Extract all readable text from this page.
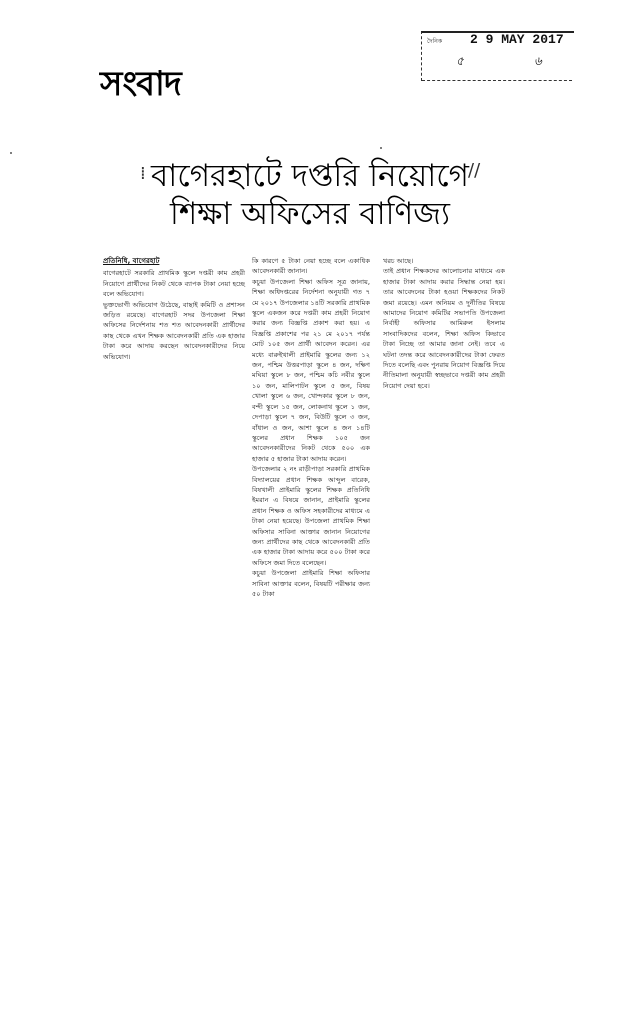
সংবাদ
দৈনিক 2 9 MAY 2017
৫	৬
⁞	//
বাগেরহাটে দপ্তরি নিয়োগে
শিক্ষা অফিসের বাণিজ্য

প্রতিনিধি, বাগেরহাট

বাগেরহাটে সরকারি প্রাথমিক স্কুলে দপ্তরী কাম প্রহরী নিয়োগে প্রার্থীদের নিকট থেকে ব্যাপক টাকা নেয়া হচ্ছে বলে অভিযোগ।

ভুক্তভোগী অভিযোগ উঠেছে, বাছাই কমিটি ও প্রশাসন জড়িত রয়েছে। বাগেরহাট সদর উপজেলা শিক্ষা অফিসের নির্দেশনায় শত শত আবেদনকারী প্রার্থীদের কাছ থেকে এখন শিক্ষক আবেদনকারী প্রতি এক হাজার টাকা করে আদায় করছেন আবেদনকারীদের নিয়ে অভিযোগ।

কি কারণে ৫ টাকা নেয়া হচ্ছে বলে একাধিক আবেদনকারী জানান।

কচুয়া উপজেলা শিক্ষা অফিস সূত্র জানায়, শিক্ষা অধিদপ্তরের নির্দেশনা অনুযায়ী গত ৭ মে ২০১৭ উপজেলার ১৪টি সরকারি প্রাথমিক স্কুলে একজন করে দপ্তরী কাম প্রহরী নিয়োগ করার জন্য বিজ্ঞপ্তি প্রকাশ করা হয়। এ বিজ্ঞপ্তি প্রকাশের পর ২১ মে ২০১৭ পর্যন্ত মোট ১০৫ জন প্রার্থী আবেদন করেন। এর মধ্যে বারুইখালী প্রাইমারি স্কুলের জন্য ১২ জন, পশ্চিম উত্তরপাড়া স্কুলে ৪ জন, দক্ষিণ মঘিয়া স্কুলে ৮ জন, পশ্চিম কচি নবীর স্কুলে ১০ জন, মালিপাটন স্কুলে ৫ জন, বিষয় খোলা স্কুলে ৬ জন, খোন্দকার স্কুলে ৮ জন, বন্দী স্কুলে ১৫ জন, লোকনাথ স্কুলে ১ জন, দেপাড়া স্কুলে ৭ জন, বিউটি স্কুলে ৩ জন, বাঁধাল ও জন, আশা স্কুলে ৪ জন ১৪টি স্কুলের প্রধান শিক্ষক ১০৫ জন আবেদনকারীদের নিকট থেকে ৫০০ এক হাজার ৫ হাজার টাকা আদায় করেন।

উপজেলার ২ নং রাড়ীপাড়া সরকারি প্রাথমিক বিদ্যালয়ের প্রধান শিক্ষক আব্দুল বারেক, বিষখালী প্রাইমারি স্কুলের শিক্ষক প্রতিনিধি ইমরান এ বিষয়ে জানান, প্রাইমারি স্কুলের প্রধান শিক্ষক ও অফিস সহকারীদের মাধ্যমে এ টাকা নেয়া হয়েছে। উপজেলা প্রাথমিক শিক্ষা অফিসার সাবিনা আক্তার জানান নিয়োগের জন্য প্রার্থীদের কাছ থেকে আবেদনকারী প্রতি এক হাজার টাকা আদায় করে ৫০০ টাকা করে অফিসে জমা দিতে বলেছেন।

কচুয়া উপজেলা প্রাইমারি শিক্ষা অফিসার সাবিনা আক্তার বলেন, বিষয়টি পরীক্ষার জন্য ৫০ টাকা

খরচ আছে।

তাই প্রধান শিক্ষকদের আলোচনার মাধ্যমে এক হাজার টাকা আদায় করার সিদ্ধান্ত নেয়া হয়। তার আবেদনের টাকা হওয়া শিক্ষকদের নিকট জমা রয়েছে। এমন অনিয়ম ও দুর্নীতির বিষয়ে আমাদের নিয়োগ কমিটির সভাপতি উপজেলা নির্বাহী অফিসার আমিরুল ইসলাম সাংবাদিকদের বলেন, শিক্ষা অফিস কিভাবে টাকা নিচ্ছে তা আমার জানা নেই। তবে এ ঘটনা তদন্ত করে আবেদনকারীদের টাকা ফেরত দিতে বলেছি এবং পুনরায় নিয়োগ বিজ্ঞপ্তি দিয়ে নীতিমালা অনুযায়ী স্বচ্ছভাবে দপ্তরী কাম প্রহরী নিয়োগ দেয়া হবে।
